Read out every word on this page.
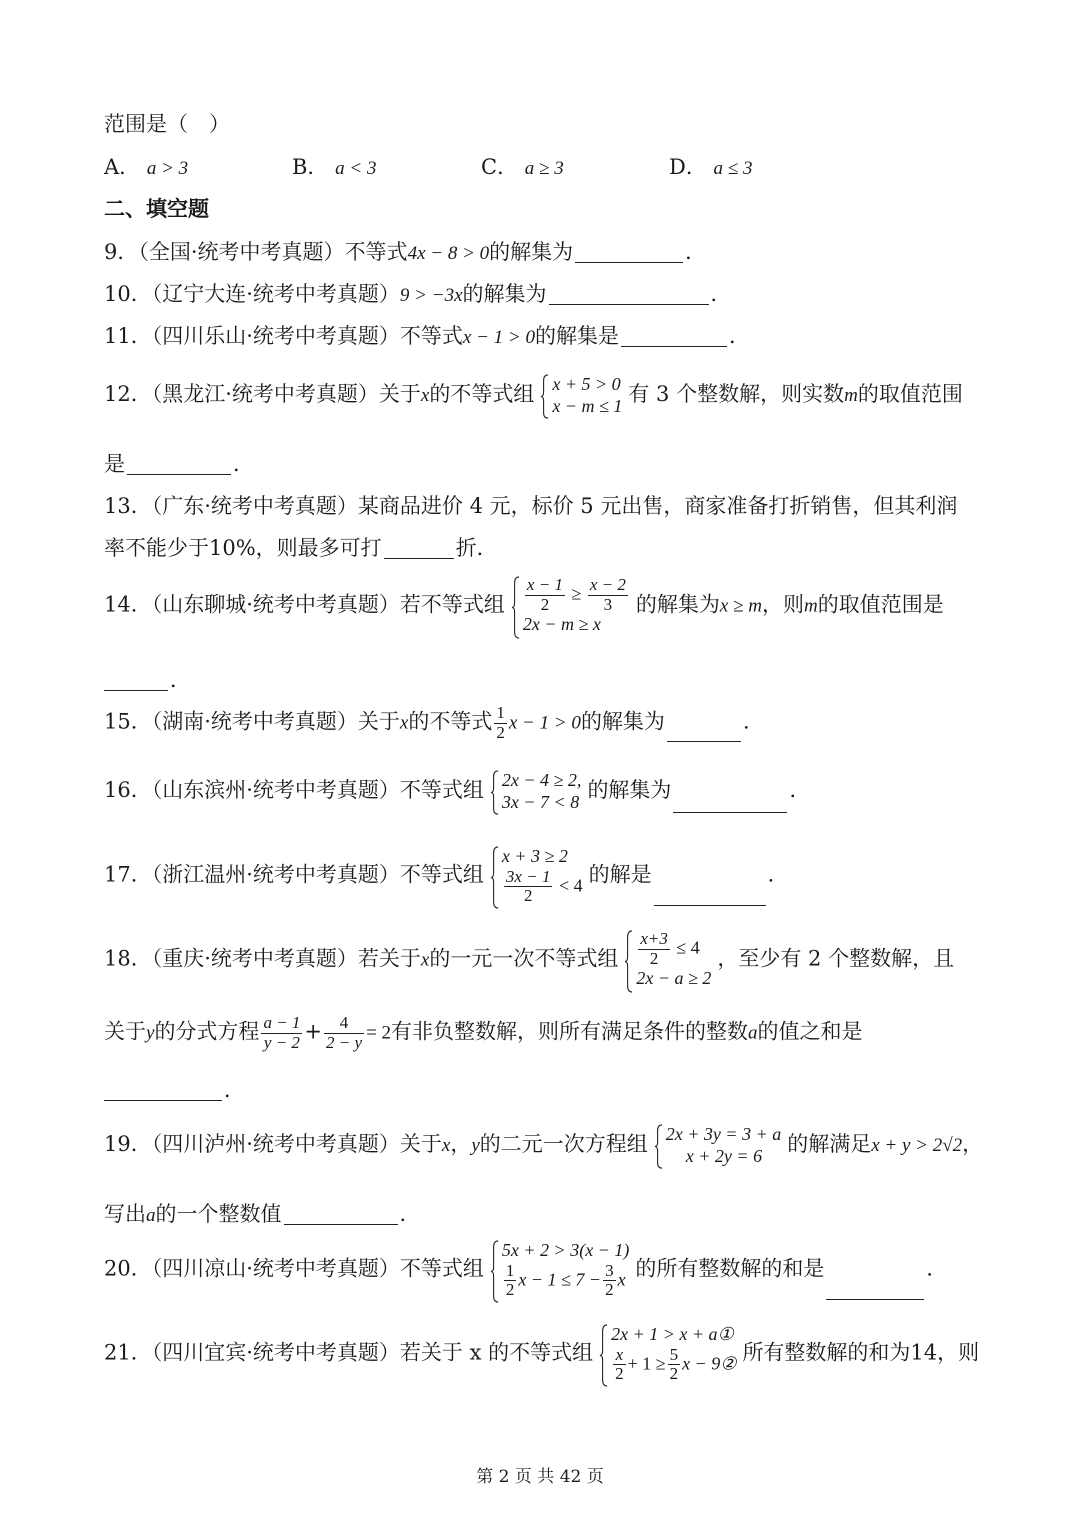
范围是（　）
A． a > 3	B． a < 3	C． a ≥ 3	D． a ≤ 3
二、填空题
9．（全国·统考中考真题）不等式4x − 8 > 0的解集为	．
10．（辽宁大连·统考中考真题）9 > −3x的解集为	．
11．（四川乐山·统考中考真题）不等式x − 1 > 0的解集是	．
12．（黑龙江·统考中考真题）关于x的不等式组 x + 5 > 0
x − m ≤ 1 有 3 个整数解，则实数m的取值范围
是	．
13．（广东·统考中考真题）某商品进价 4 元，标价 5 元出售，商家准备打折销售，但其利润
率不能少于10%，则最多可打	折．
14．（山东聊城·统考中考真题）若不等式组 $\frac{x - 1}{2} \ge \frac{x - 2}{3}$
2x − m ≥ x
的解集为x ≥ m，则m的取值范围是
．
15．（湖南·统考中考真题）关于x的不等式 $\frac{1}{2}$ x − 1 > 0的解集为	．
16．（山东滨州·统考中考真题）不等式组 2x − 4 ≥ 2,
3x − 7 < 8 的解集为	．
17．（浙江温州·统考中考真题）不等式组
x + 3 ≥ 2
$\frac{3x - 1}{2} < 4$ 的解是	．
18．（重庆·统考中考真题）若关于x的一元一次不等式组 $\frac{x+3}{2} \le 4$
2x − a ≥ 2
，至少有 2 个整数解，且
关于y的分式方程 $\frac{a - 1}{y - 2} + \frac{4}{2 - y} = 2$有非负整数解，则所有满足条件的整数a的值之和是
．
19．（四川泸州·统考中考真题）关于x，y的二元一次方程组 2x + 3y = 3 + a
x + 2y = 6	的解满足x + y > 2√2，
写出a的一个整数值	．
20．（四川凉山·统考中考真题）不等式组
5x + 2 > 3(x − 1)
$\frac{1}{2}$ $x - 1 \le 7 - \frac{3}{2}$ x 的所有整数解的和是	．
21．（四川宜宾·统考中考真题）若关于 x 的不等式组
2x + 1 > x + a①
$\frac{x}{2} + 1 \ge \frac{5}{2}$ x − 9② 所有整数解的和为14，则
第 2 页 共 42 页
